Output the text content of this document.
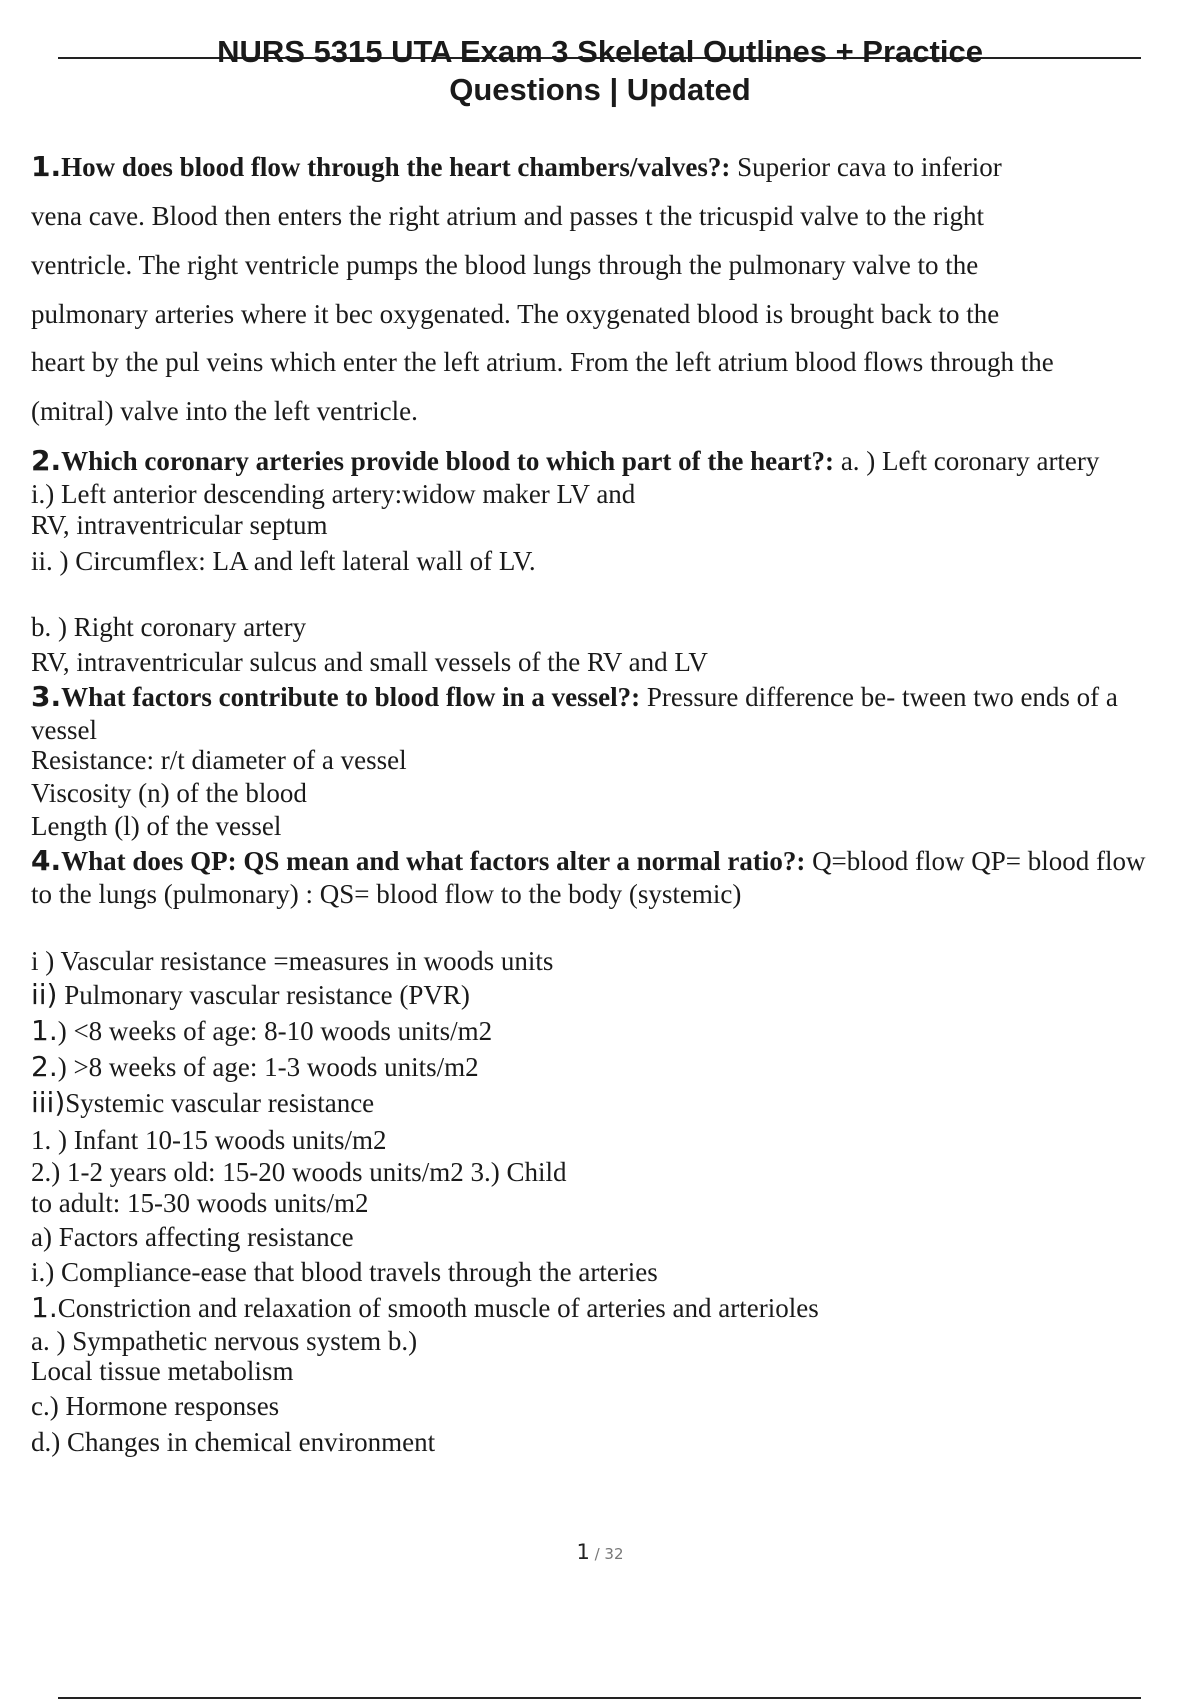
NURS 5315 UTA Exam 3 Skeletal Outlines + Practice
Questions | Updated
1.How does blood flow through the heart chambers/valves?: Superior cava to inferior
vena cave. Blood then enters the right atrium and passes t the tricuspid valve to the right
ventricle. The right ventricle pumps the blood lungs through the pulmonary valve to the
pulmonary arteries where it bec oxygenated. The oxygenated blood is brought back to the
heart by the pul veins which enter the left atrium. From the left atrium blood flows through the
(mitral) valve into the left ventricle.
2.Which coronary arteries provide blood to which part of the heart?: a. ) Left coronary artery
i.) Left anterior descending artery:widow maker LV and
RV, intraventricular septum
ii. ) Circumflex: LA and left lateral wall of LV.
b. ) Right coronary artery
RV, intraventricular sulcus and small vessels of the RV and LV
3.What factors contribute to blood flow in a vessel?: Pressure difference be- tween two ends of a
vessel
Resistance: r/t diameter of a vessel
Viscosity (n) of the blood
Length (l) of the vessel
4.What does QP: QS mean and what factors alter a normal ratio?: Q=blood flow QP= blood flow
to the lungs (pulmonary) : QS= blood flow to the body (systemic)
i ) Vascular resistance =measures in woods units
ii) Pulmonary vascular resistance (PVR)
1.) <8 weeks of age: 8-10 woods units/m2
2.) >8 weeks of age: 1-3 woods units/m2
iii)Systemic vascular resistance
1. ) Infant 10-15 woods units/m2
2.) 1-2 years old: 15-20 woods units/m2 3.) Child
to adult: 15-30 woods units/m2
a) Factors affecting resistance
i.) Compliance-ease that blood travels through the arteries
1.Constriction and relaxation of smooth muscle of arteries and arterioles
a. ) Sympathetic nervous system b.)
Local tissue metabolism
c.) Hormone responses
d.) Changes in chemical environment
1 / 32
